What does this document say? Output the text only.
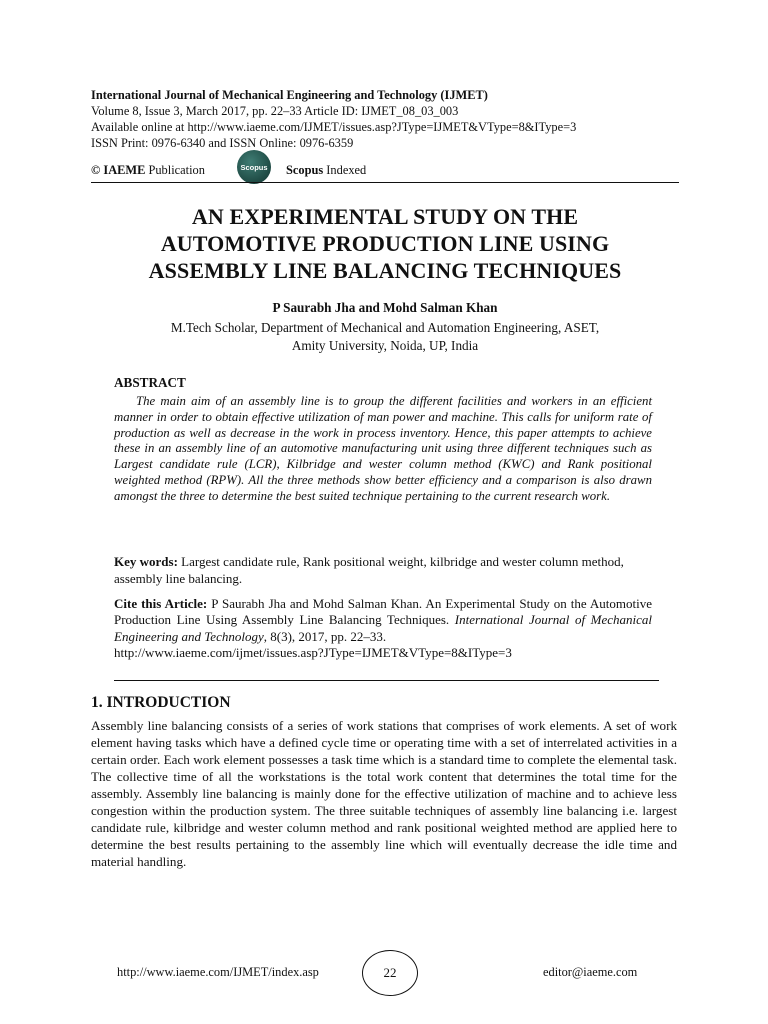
International Journal of Mechanical Engineering and Technology (IJMET)
Volume 8, Issue 3, March 2017, pp. 22–33 Article ID: IJMET_08_03_003
Available online at http://www.iaeme.com/IJMET/issues.asp?JType=IJMET&VType=8&IType=3
ISSN Print: 0976-6340 and ISSN Online: 0976-6359
© IAEME Publication	Scopus Scopus Indexed
AN EXPERIMENTAL STUDY ON THE
AUTOMOTIVE PRODUCTION LINE USING
ASSEMBLY LINE BALANCING TECHNIQUES
P Saurabh Jha and Mohd Salman Khan
M.Tech Scholar, Department of Mechanical and Automation Engineering, ASET,
Amity University, Noida, UP, India
ABSTRACT
The main aim of an assembly line is to group the different facilities and workers in an efficient manner in order to obtain effective utilization of man power and machine. This calls for uniform rate of production as well as decrease in the work in process inventory. Hence, this paper attempts to achieve these in an assembly line of an automotive manufacturing unit using three different techniques such as Largest candidate rule (LCR), Kilbridge and wester column method (KWC) and Rank positional weighted method (RPW). All the three methods show better efficiency and a comparison is also drawn amongst the three to determine the best suited technique pertaining to the current research work.
Key words: Largest candidate rule, Rank positional weight, kilbridge and wester column method, assembly line balancing.
Cite this Article: P Saurabh Jha and Mohd Salman Khan. An Experimental Study on the Automotive Production Line Using Assembly Line Balancing Techniques. International Journal of Mechanical Engineering and Technology, 8(3), 2017, pp. 22–33.
http://www.iaeme.com/ijmet/issues.asp?JType=IJMET&VType=8&IType=3
1. INTRODUCTION
Assembly line balancing consists of a series of work stations that comprises of work elements. A set of work element having tasks which have a defined cycle time or operating time with a set of interrelated activities in a certain order. Each work element possesses a task time which is a standard time to complete the elemental task. The collective time of all the workstations is the total work content that determines the total time for the assembly. Assembly line balancing is mainly done for the effective utilization of machine and to achieve less congestion within the production system. The three suitable techniques of assembly line balancing i.e. largest candidate rule, kilbridge and wester column method and rank positional weighted method are applied here to determine the best results pertaining to the assembly line which will eventually decrease the idle time and material handling.
http://www.iaeme.com/IJMET/index.asp	22	editor@iaeme.com
